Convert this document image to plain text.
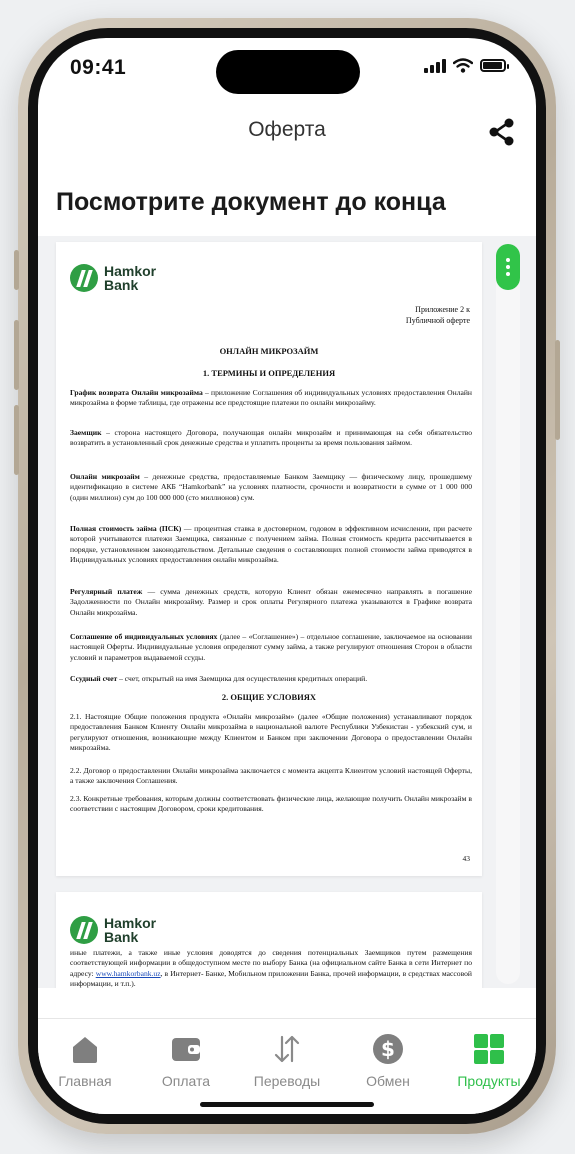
09:41
Оферта
Посмотрите документ до конца
Hamkor
Bank
Приложение 2 к
Публичной оферте
ОНЛАЙН МИКРОЗАЙМ
1. ТЕРМИНЫ И ОПРЕДЕЛЕНИЯ

График возврата Онлайн микрозайма – приложение Соглашения об индивидуальных условиях предоставления Онлайн микрозайма в форме таблицы, где отражены все предстоящие платежи по онлайн микрозайму.

Заемщик – сторона настоящего Договора, получающая онлайн микрозайм и принимающая на себя обязательство возвратить в установленный срок денежные средства и уплатить проценты за время пользования займом.

Онлайн микрозайм – денежные средства, предоставляемые Банком Заемщику — физическому лицу, прошедшему идентификацию в системе АКБ “Hamkorbank” на условиях платности, срочности и возвратности в сумме от 1 000 000 (один миллион) сум до 100 000 000 (сто миллионов) сум.

Полная стоимость займа (ПСК) — процентная ставка в достоверном, годовом в эффективном исчислении, при расчете которой учитываются платежи Заемщика, связанные с получением займа. Полная стоимость кредита рассчитывается в порядке, установленном законодательством. Детальные сведения о составляющих полной стоимости займа приводятся в Индивидуальных условиях предоставления онлайн микрозайма.

Регулярный платеж — сумма денежных средств, которую Клиент обязан ежемесячно направлять в погашение Задолженности по Онлайн микрозайму. Размер и срок оплаты Регулярного платежа указываются в Графике возврата Онлайн микрозайма.

Соглашение об индивидуальных условиях (далее – «Соглашение») – отдельное соглашение, заключаемое на основании настоящей Оферты. Индивидуальные условия определяют сумму займа, а также регулируют отношения Сторон в области условий и параметров выдаваемой ссуды.

Ссудный счет – счет, открытый на имя Заемщика для осуществления кредитных операций.

2. ОБЩИЕ УСЛОВИЯХ

2.1. Настоящие Общие положения продукта «Онлайн микрозайм» (далее «Общие положения) устанавливают порядок предоставления Банком Клиенту Онлайн микрозайма в национальной валюте Республики Узбекистан - узбекский сум, и регулируют отношения, возникающие между Клиентом и Банком при заключении Договора о предоставлении Онлайн микрозайма.

2.2. Договор о предоставлении Онлайн микрозайма заключается с момента акцепта Клиентом условий настоящей Оферты, а также заключения Соглашения.

2.3. Конкретные требования, которым должны соответствовать физические лица, желающие получить Онлайн микрозайм в соответствии с настоящим Договором, сроки кредитования.

43
Hamkor
Bank

иные платежи, а также иные условия доводятся до сведения потенциальных Заемщиков путем размещения соответствующей информации в общедоступном месте по выбору Банка (на официальном сайте Банка в сети Интернет по адресу: www.hamkorbank.uz, в Интернет- Банке, Мобильном приложении Банка, прочей информации, в средствах массовой информации, и т.п.).

Главная	Оплата	Переводы
$
Обмен	Продукты
